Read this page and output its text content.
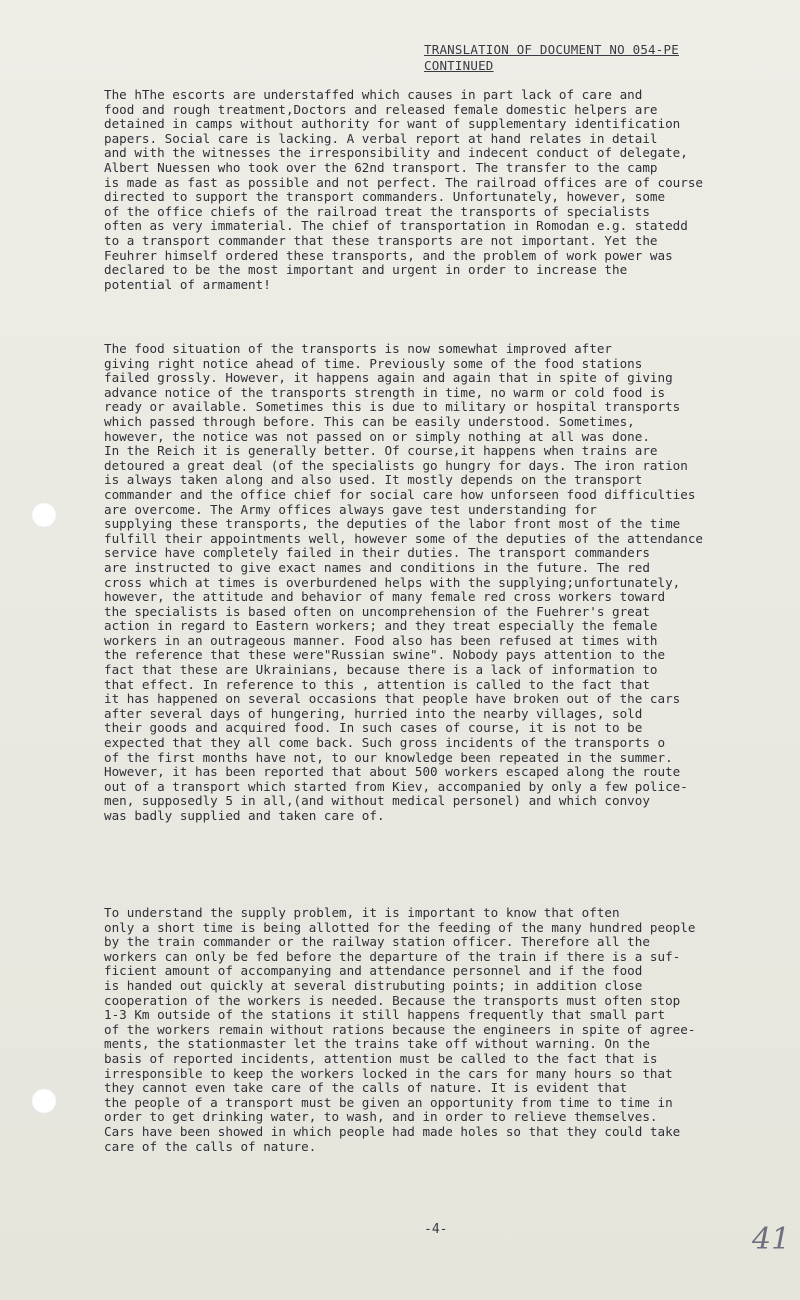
TRANSLATION OF DOCUMENT NO 054-PE
CONTINUED
The hThe escorts are understaffed which causes in part lack of care and
food and rough treatment,Doctors and released female domestic helpers are
detained in camps without authority for want of supplementary identification
papers. Social care is lacking. A verbal report at hand relates in detail
and with the witnesses the irresponsibility and indecent conduct of delegate,
Albert Nuessen who took over the 62nd transport. The transfer to the camp
is made as fast as possible and not perfect. The railroad offices are of course
directed to support the transport commanders. Unfortunately, however, some
of the office chiefs of the railroad treat the transports of specialists
often as very immaterial. The chief of transportation in Romodan e.g. statedd
to a transport commander that these transports are not important. Yet the
Feuhrer himself ordered these transports, and the problem of work power was
declared to be the most important and urgent in order to increase the
potential of armament!
The food situation of the transports is now somewhat improved after
giving right notice ahead of time. Previously some of the food stations
failed grossly. However, it happens again and again that in spite of giving
advance notice of the transports strength in time, no warm or cold food is
ready or available. Sometimes this is due to military or hospital transports
which passed through before. This can be easily understood. Sometimes,
however, the notice was not passed on or simply nothing at all was done.
In the Reich it is generally better. Of course,it happens when trains are
detoured a great deal (of the specialists go hungry for days. The iron ration
is always taken along and also used. It mostly depends on the transport
commander and the office chief for social care how unforseen food difficulties
are overcome. The Army offices always gave test understanding for
supplying these transports, the deputies of the labor front most of the time
fulfill their appointments well, however some of the deputies of the attendance
service have completely failed in their duties. The transport commanders
are instructed to give exact names and conditions in the future. The red
cross which at times is overburdened helps with the supplying;unfortunately,
however, the attitude and behavior of many female red cross workers toward
the specialists is based often on uncomprehension of the Fuehrer's great
action in regard to Eastern workers; and they treat especially the female
workers in an outrageous manner. Food also has been refused at times with
the reference that these were"Russian swine". Nobody pays attention to the
fact that these are Ukrainians, because there is a lack of information to
that effect. In reference to this , attention is called to the fact that
it has happened on several occasions that people have broken out of the cars
after several days of hungering, hurried into the nearby villages, sold
their goods and acquired food. In such cases of course, it is not to be
expected that they all come back. Such gross incidents of the transports o
of the first months have not, to our knowledge been repeated in the summer.
However, it has been reported that about 500 workers escaped along the route
out of a transport which started from Kiev, accompanied by only a few police-
men, supposedly 5 in all,(and without medical personel) and which convoy
was badly supplied and taken care of.
To understand the supply problem, it is important to know that often
only a short time is being allotted for the feeding of the many hundred people
by the train commander or the railway station officer. Therefore all the
workers can only be fed before the departure of the train if there is a suf-
ficient amount of accompanying and attendance personnel and if the food
is handed out quickly at several distrubuting points; in addition close
cooperation of the workers is needed. Because the transports must often stop
1-3 Km outside of the stations it still happens frequently that small part
of the workers remain without rations because the engineers in spite of agree-
ments, the stationmaster let the trains take off without warning. On the
basis of reported incidents, attention must be called to the fact that is
irresponsible to keep the workers locked in the cars for many hours so that
they cannot even take care of the calls of nature. It is evident that
the people of a transport must be given an opportunity from time to time in
order to get drinking water, to wash, and in order to relieve themselves.
Cars have been showed in which people had made holes so that they could take
care of the calls of nature.
-4-	41
